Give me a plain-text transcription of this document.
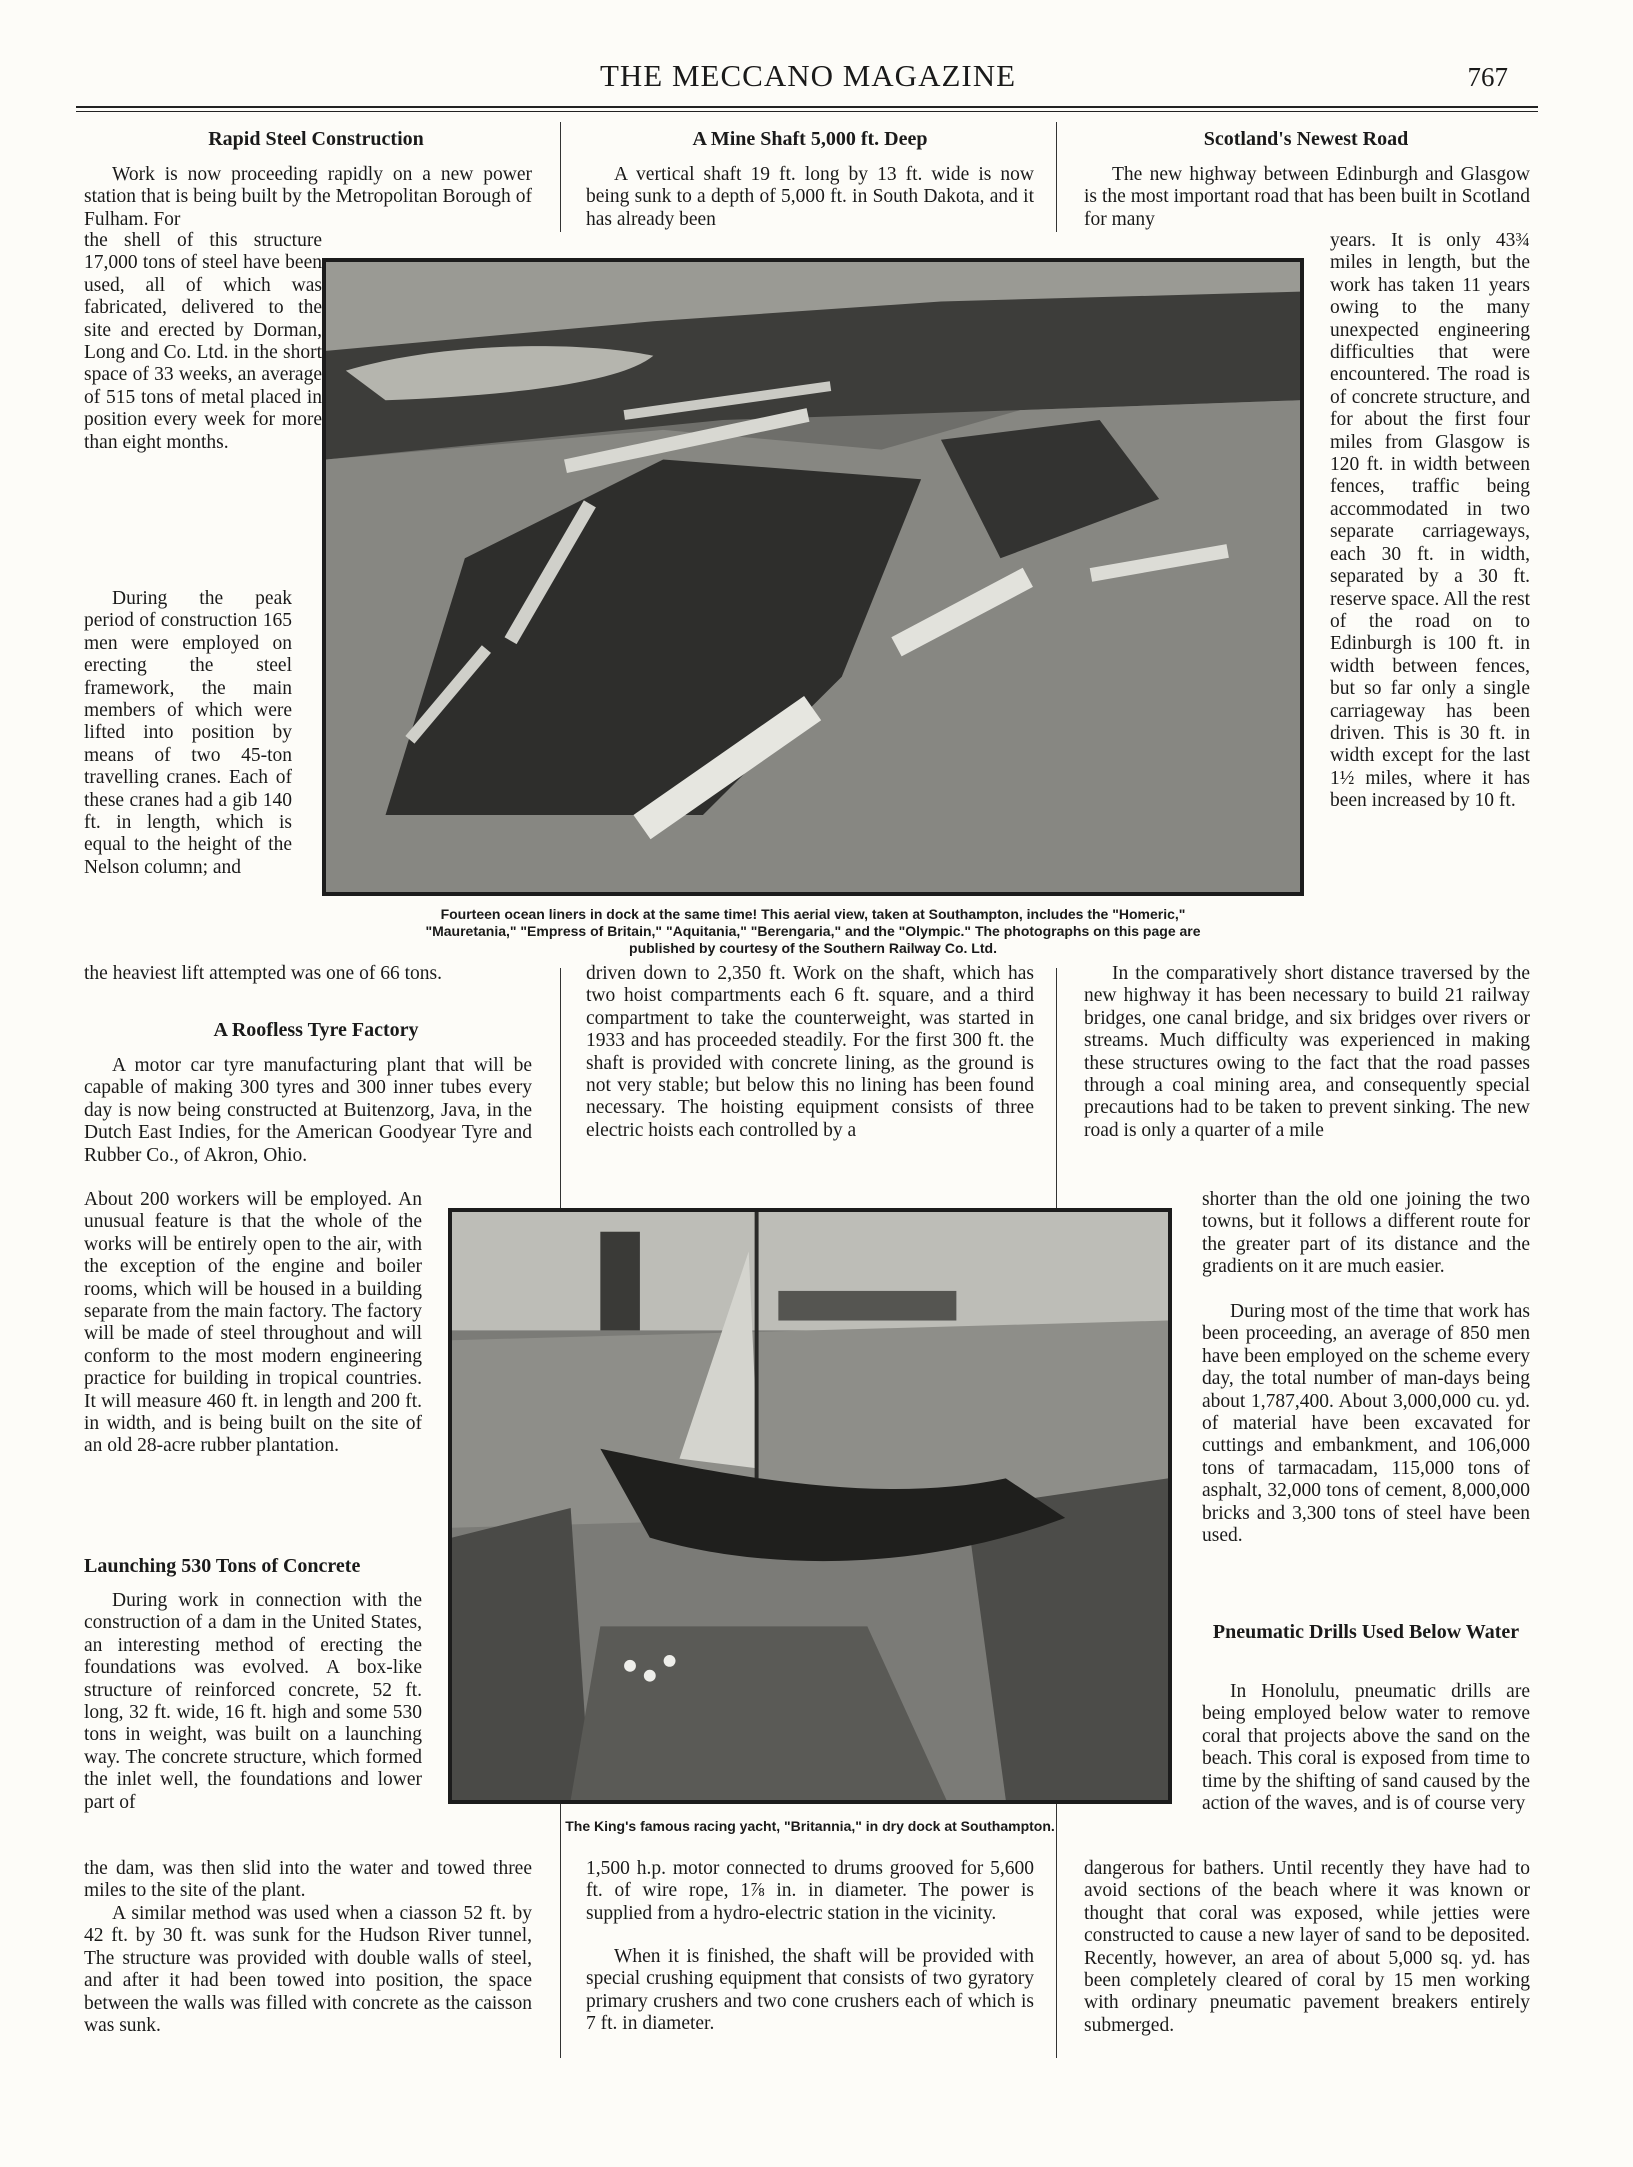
THE MECCANO MAGAZINE	767

Rapid Steel Construction

Work is now proceeding rapidly on a new power station that is being built by the Metropolitan Borough of Fulham. For

the shell of this structure 17,000 tons of steel have been used, all of which was fabricated, delivered to the site and erected by Dorman, Long and Co. Ltd. in the short space of 33 weeks, an average of 515 tons of metal placed in position every week for more than eight months.

During the peak period of construction 165 men were employed on erecting the steel framework, the main members of which were lifted into position by means of two 45-ton travelling cranes. Each of these cranes had a gib 140 ft. in length, which is equal to the height of the Nelson column; and

the heaviest lift attempted was one of 66 tons.

A Roofless Tyre Factory

A motor car tyre manufacturing plant that will be capable of making 300 tyres and 300 inner tubes every day is now being constructed at Buitenzorg, Java, in the Dutch East Indies, for the American Goodyear Tyre and Rubber Co., of Akron, Ohio.

About 200 workers will be employed. An unusual feature is that the whole of the works will be entirely open to the air, with the exception of the engine and boiler rooms, which will be housed in a building separate from the main factory. The factory will be made of steel throughout and will conform to the most modern engineering practice for building in tropical countries. It will measure 460 ft. in length and 200 ft. in width, and is being built on the site of an old 28-acre rubber plantation.

Launching 530 Tons of Concrete

During work in connection with the construction of a dam in the United States, an interesting method of erecting the foundations was evolved. A box-like structure of reinforced concrete, 52 ft. long, 32 ft. wide, 16 ft. high and some 530 tons in weight, was built on a launching way. The concrete structure, which formed the inlet well, the foundations and lower part of

the dam, was then slid into the water and towed three miles to the site of the plant.

A similar method was used when a ciasson 52 ft. by 42 ft. by 30 ft. was sunk for the Hudson River tunnel, The structure was provided with double walls of steel, and after it had been towed into position, the space between the walls was filled with concrete as the caisson was sunk.

A Mine Shaft 5,000 ft. Deep

A vertical shaft 19 ft. long by 13 ft. wide is now being sunk to a depth of 5,000 ft. in South Dakota, and it has already been

driven down to 2,350 ft. Work on the shaft, which has two hoist compartments each 6 ft. square, and a third compartment to take the counterweight, was started in 1933 and has proceeded steadily. For the first 300 ft. the shaft is provided with concrete lining, as the ground is not very stable; but below this no lining has been found necessary. The hoisting equipment consists of three electric hoists each controlled by a

1,500 h.p. motor connected to drums grooved for 5,600 ft. of wire rope, 1⅞ in. in diameter. The power is supplied from a hydro-electric station in the vicinity.

When it is finished, the shaft will be provided with special crushing equipment that consists of two gyratory primary crushers and two cone crushers each of which is 7 ft. in diameter.

Scotland's Newest Road

The new highway between Edinburgh and Glasgow is the most important road that has been built in Scotland for many

years. It is only 43¾ miles in length, but the work has taken 11 years owing to the many unexpected engineering difficulties that were encountered. The road is of concrete structure, and for about the first four miles from Glasgow is 120 ft. in width between fences, traffic being accommodated in two separate carriageways, each 30 ft. in width, separated by a 30 ft. reserve space. All the rest of the road on to Edinburgh is 100 ft. in width between fences, but so far only a single carriageway has been driven. This is 30 ft. in width except for the last 1½ miles, where it has been increased by 10 ft.

In the comparatively short distance traversed by the new highway it has been necessary to build 21 railway bridges, one canal bridge, and six bridges over rivers or streams. Much difficulty was experienced in making these structures owing to the fact that the road passes through a coal mining area, and consequently special precautions had to be taken to prevent sinking. The new road is only a quarter of a mile

shorter than the old one joining the two towns, but it follows a different route for the greater part of its distance and the gradients on it are much easier.

During most of the time that work has been proceeding, an average of 850 men have been employed on the scheme every day, the total number of man-days being about 1,787,400. About 3,000,000 cu. yd. of material have been excavated for cuttings and embankment, and 106,000 tons of tarmacadam, 115,000 tons of asphalt, 32,000 tons of cement, 8,000,000 bricks and 3,300 tons of steel have been used.

Pneumatic Drills Used Below Water

In Honolulu, pneumatic drills are being employed below water to remove coral that projects above the sand on the beach. This coral is exposed from time to time by the shifting of sand caused by the action of the waves, and is of course very

dangerous for bathers. Until recently they have had to avoid sections of the beach where it was known or thought that coral was exposed, while jetties were constructed to cause a new layer of sand to be deposited. Recently, however, an area of about 5,000 sq. yd. has been completely cleared of coral by 15 men working with ordinary pneumatic pavement breakers entirely submerged.

Fourteen ocean liners in dock at the same time! This aerial view, taken at Southampton, includes the "Homeric,"

"Mauretania," "Empress of Britain," "Aquitania," "Berengaria," and the "Olympic." The photographs on this page are

published by courtesy of the Southern Railway Co. Ltd.

The King's famous racing yacht, "Britannia," in dry dock at Southampton.
